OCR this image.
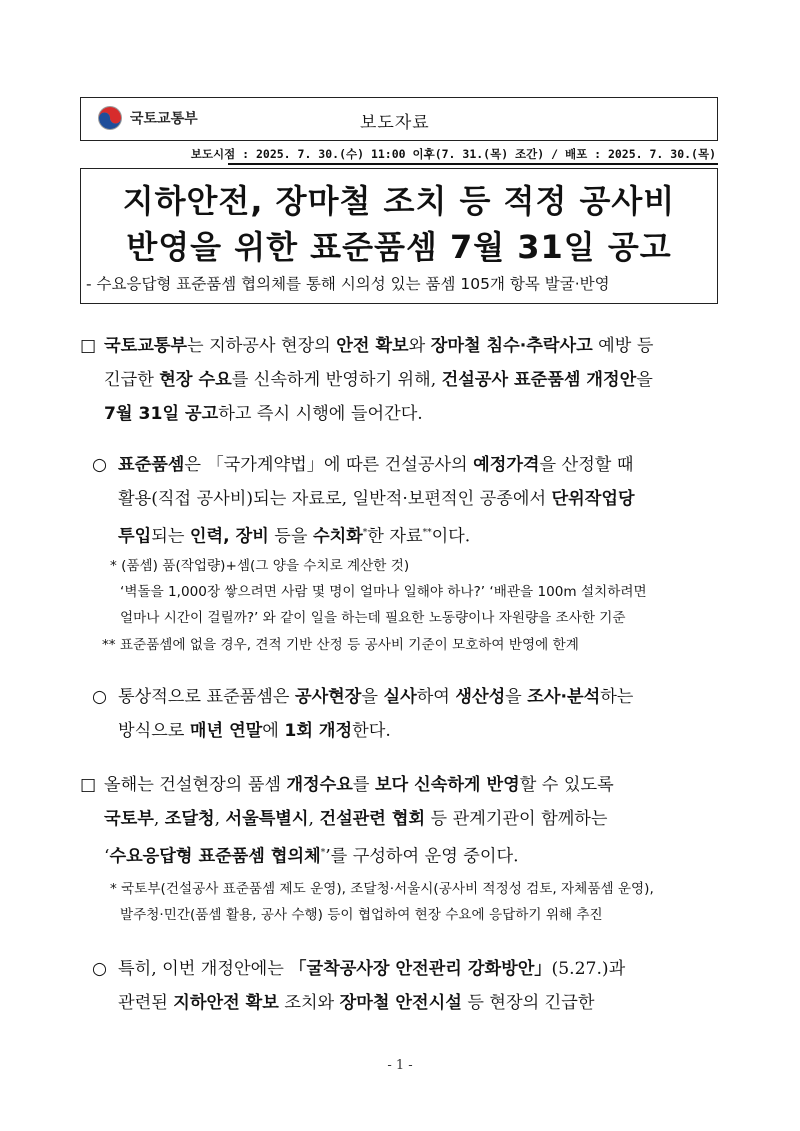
국토교통부	보도자료
보도시점 : 2025. 7. 30.(수) 11:00 이후(7. 31.(목) 조간) / 배포 : 2025. 7. 30.(목)
지하안전, 장마철 조치 등 적정 공사비
반영을 위한 표준품셈 7월 31일 공고
- 수요응답형 표준품셈 협의체를 통해 시의성 있는 품셈 105개 항목 발굴·반영
□ 국토교통부는 지하공사 현장의 안전 확보와 장마철 침수·추락사고 예방 등
긴급한 현장 수요를 신속하게 반영하기 위해, 건설공사 표준품셈 개정안을
7월 31일 공고하고 즉시 시행에 들어간다.
○ 표준품셈은 「국가계약법」에 따른 건설공사의 예정가격을 산정할 때
활용(직접 공사비)되는 자료로, 일반적·보편적인 공종에서 단위작업당
투입되는 인력, 장비 등을 수치화*한 자료**이다.
* (품셈) 품(작업량)+셈(그 양을 수치로 계산한 것)
‘벽돌을 1,000장 쌓으려면 사람 몇 명이 얼마나 일해야 하나?’ ‘배관을 100m 설치하려면
얼마나 시간이 걸릴까?’ 와 같이 일을 하는데 필요한 노동량이나 자원량을 조사한 기준
** 표준품셈에 없을 경우, 견적 기반 산정 등 공사비 기준이 모호하여 반영에 한계
○ 통상적으로 표준품셈은 공사현장을 실사하여 생산성을 조사·분석하는
방식으로 매년 연말에 1회 개정한다.
□ 올해는 건설현장의 품셈 개정수요를 보다 신속하게 반영할 수 있도록
국토부, 조달청, 서울특별시, 건설관련 협회 등 관계기관이 함께하는
‘수요응답형 표준품셈 협의체*’를 구성하여 운영 중이다.
* 국토부(건설공사 표준품셈 제도 운영), 조달청·서울시(공사비 적정성 검토, 자체품셈 운영),
발주청·민간(품셈 활용, 공사 수행) 등이 협업하여 현장 수요에 응답하기 위해 추진
○ 특히, 이번 개정안에는 「굴착공사장 안전관리 강화방안」(5.27.)과
관련된 지하안전 확보 조치와 장마철 안전시설 등 현장의 긴급한
- 1 -
